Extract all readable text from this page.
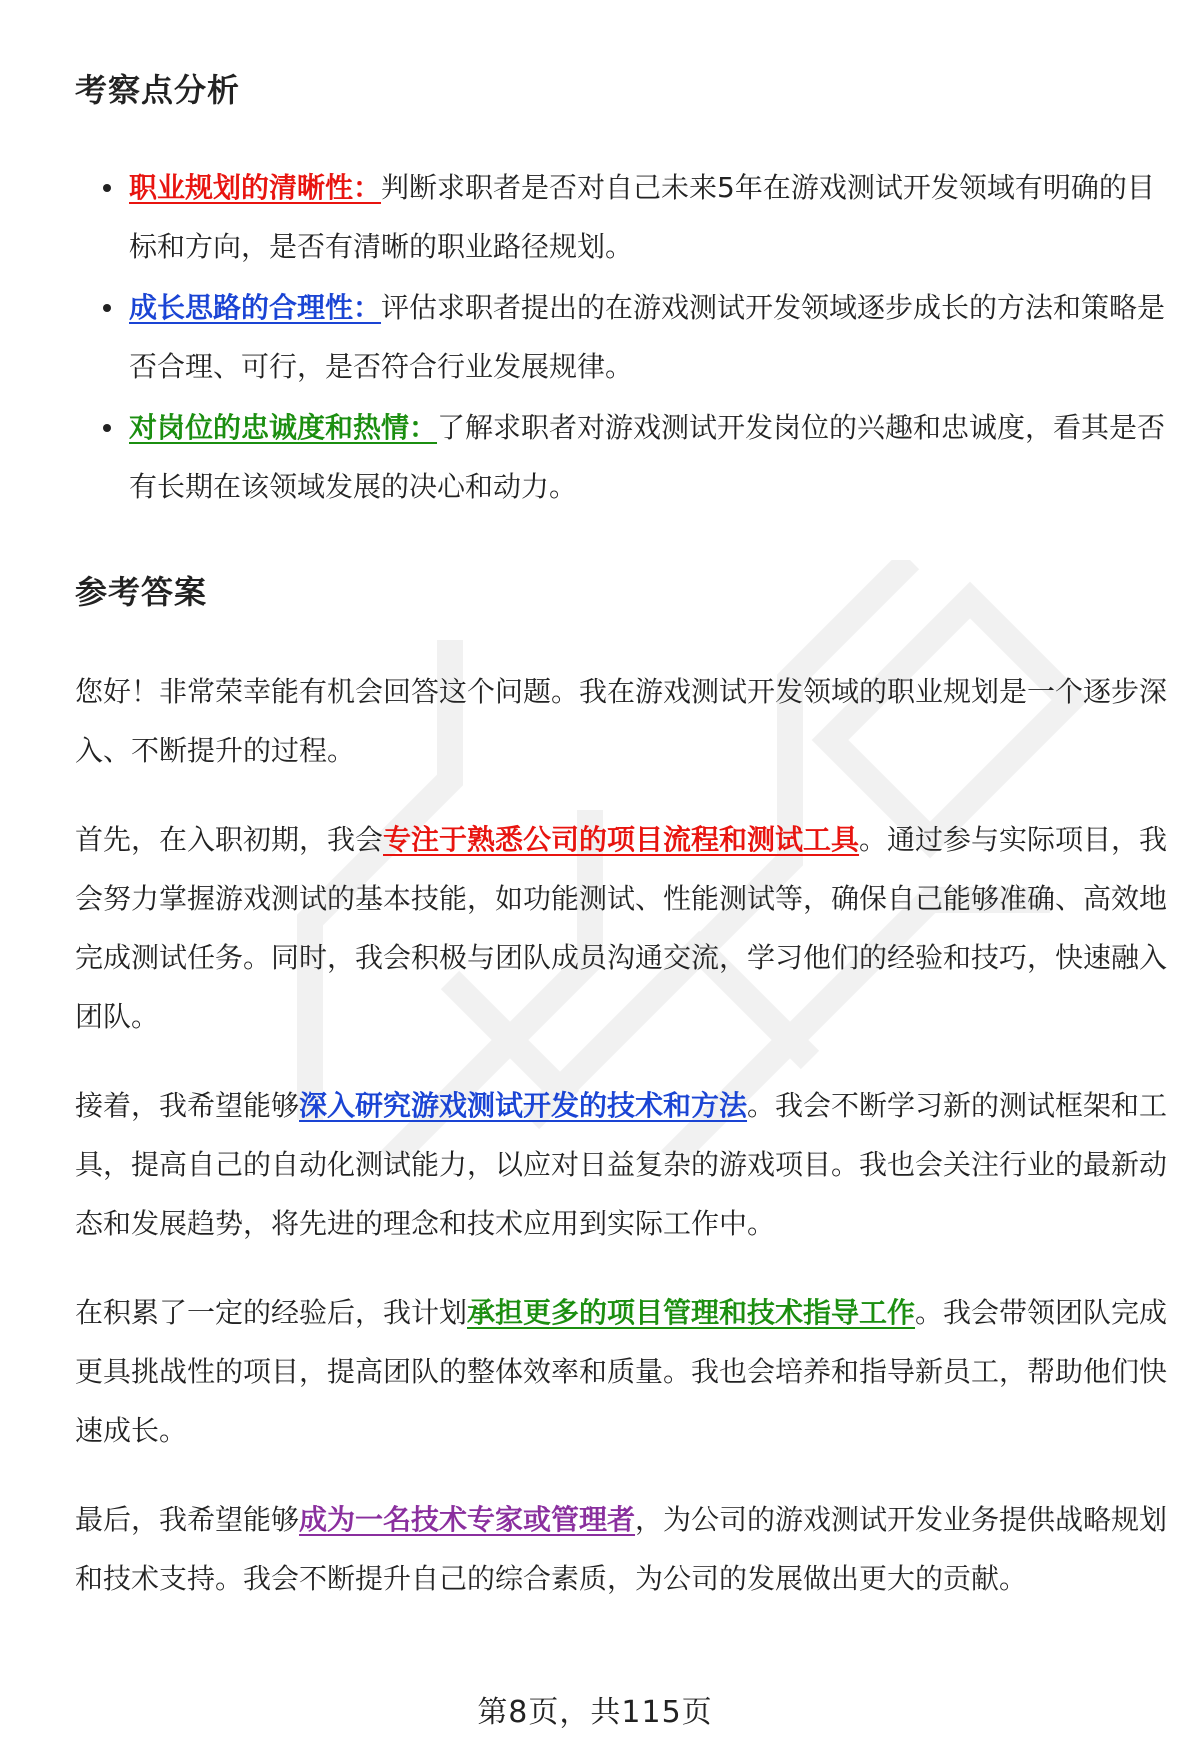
考察点分析
职业规划的清晰性：判断求职者是否对自己未来5年在游戏测试开发领域有明确的目标和方向，是否有清晰的职业路径规划。
成长思路的合理性：评估求职者提出的在游戏测试开发领域逐步成长的方法和策略是否合理、可行，是否符合行业发展规律。
对岗位的忠诚度和热情：了解求职者对游戏测试开发岗位的兴趣和忠诚度，看其是否有长期在该领域发展的决心和动力。
参考答案

您好！非常荣幸能有机会回答这个问题。我在游戏测试开发领域的职业规划是一个逐步深入、不断提升的过程。

首先，在入职初期，我会专注于熟悉公司的项目流程和测试工具。通过参与实际项目，我会努力掌握游戏测试的基本技能，如功能测试、性能测试等，确保自己能够准确、高效地完成测试任务。同时，我会积极与团队成员沟通交流，学习他们的经验和技巧，快速融入团队。

接着，我希望能够深入研究游戏测试开发的技术和方法。我会不断学习新的测试框架和工具，提高自己的自动化测试能力，以应对日益复杂的游戏项目。我也会关注行业的最新动态和发展趋势，将先进的理念和技术应用到实际工作中。

在积累了一定的经验后，我计划承担更多的项目管理和技术指导工作。我会带领团队完成更具挑战性的项目，提高团队的整体效率和质量。我也会培养和指导新员工，帮助他们快速成长。

最后，我希望能够成为一名技术专家或管理者，为公司的游戏测试开发业务提供战略规划和技术支持。我会不断提升自己的综合素质，为公司的发展做出更大的贡献。

第8页，共115页
